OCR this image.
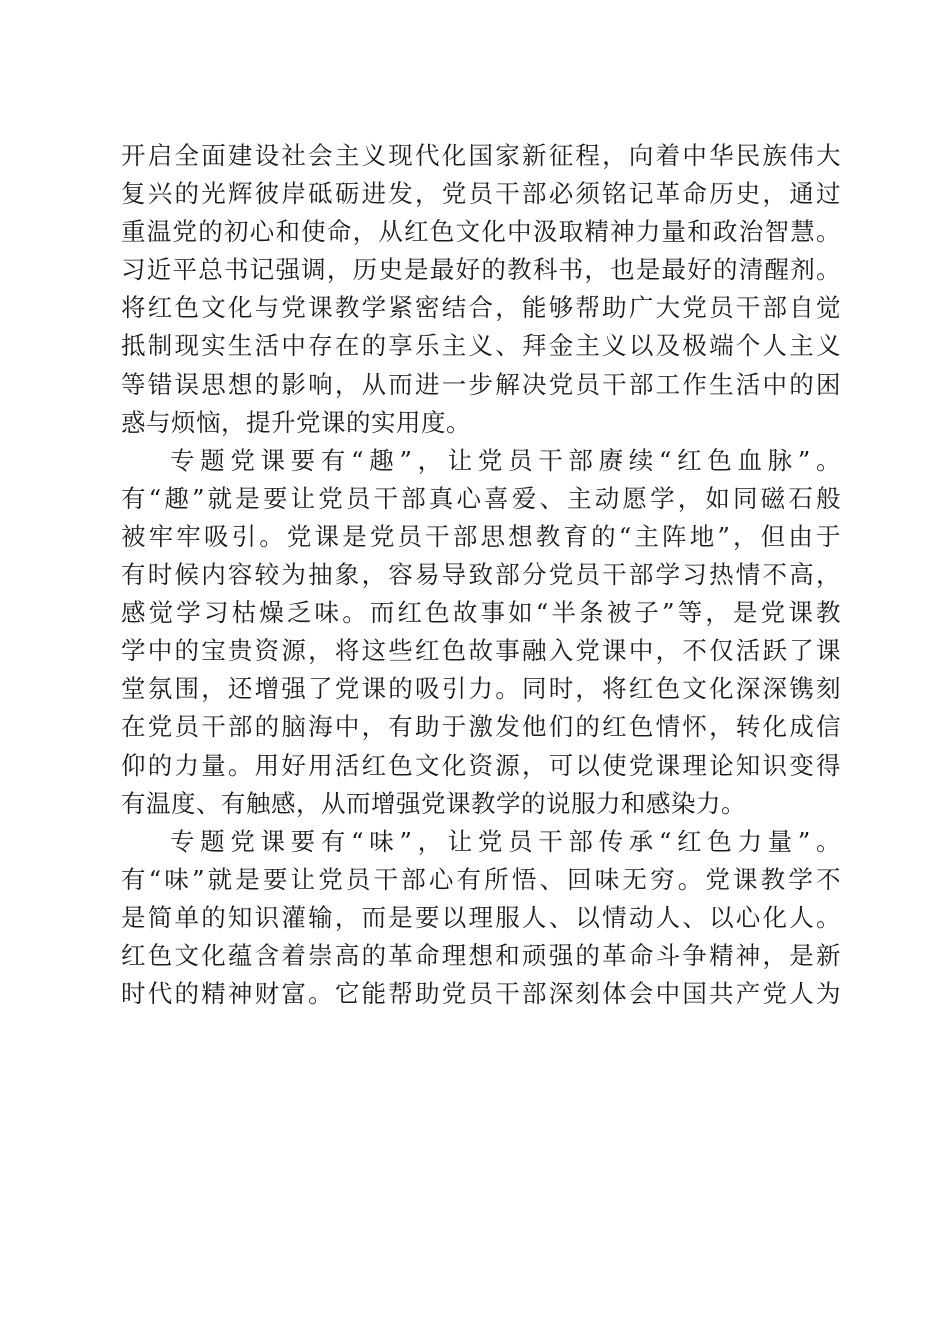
开启全面建设社会主义现代化国家新征程，向着中华民族伟大
复兴的光辉彼岸砥砺进发，党员干部必须铭记革命历史，通过
重温党的初心和使命，从红色文化中汲取精神力量和政治智慧。
习近平总书记强调，历史是最好的教科书，也是最好的清醒剂。
将红色文化与党课教学紧密结合，能够帮助广大党员干部自觉
抵制现实生活中存在的享乐主义、拜金主义以及极端个人主义
等错误思想的影响，从而进一步解决党员干部工作生活中的困
惑与烦恼，提升党课的实用度。
专题党课要有“趣”，让党员干部赓续“红色血脉”。
有“趣”就是要让党员干部真心喜爱、主动愿学，如同磁石般
被牢牢吸引。党课是党员干部思想教育的“主阵地”，但由于
有时候内容较为抽象，容易导致部分党员干部学习热情不高，
感觉学习枯燥乏味。而红色故事如“半条被子”等，是党课教
学中的宝贵资源，将这些红色故事融入党课中，不仅活跃了课
堂氛围，还增强了党课的吸引力。同时，将红色文化深深镌刻
在党员干部的脑海中，有助于激发他们的红色情怀，转化成信
仰的力量。用好用活红色文化资源，可以使党课理论知识变得
有温度、有触感，从而增强党课教学的说服力和感染力。
专题党课要有“味”，让党员干部传承“红色力量”。
有“味”就是要让党员干部心有所悟、回味无穷。党课教学不
是简单的知识灌输，而是要以理服人、以情动人、以心化人。
红色文化蕴含着崇高的革命理想和顽强的革命斗争精神，是新
时代的精神财富。它能帮助党员干部深刻体会中国共产党人为
